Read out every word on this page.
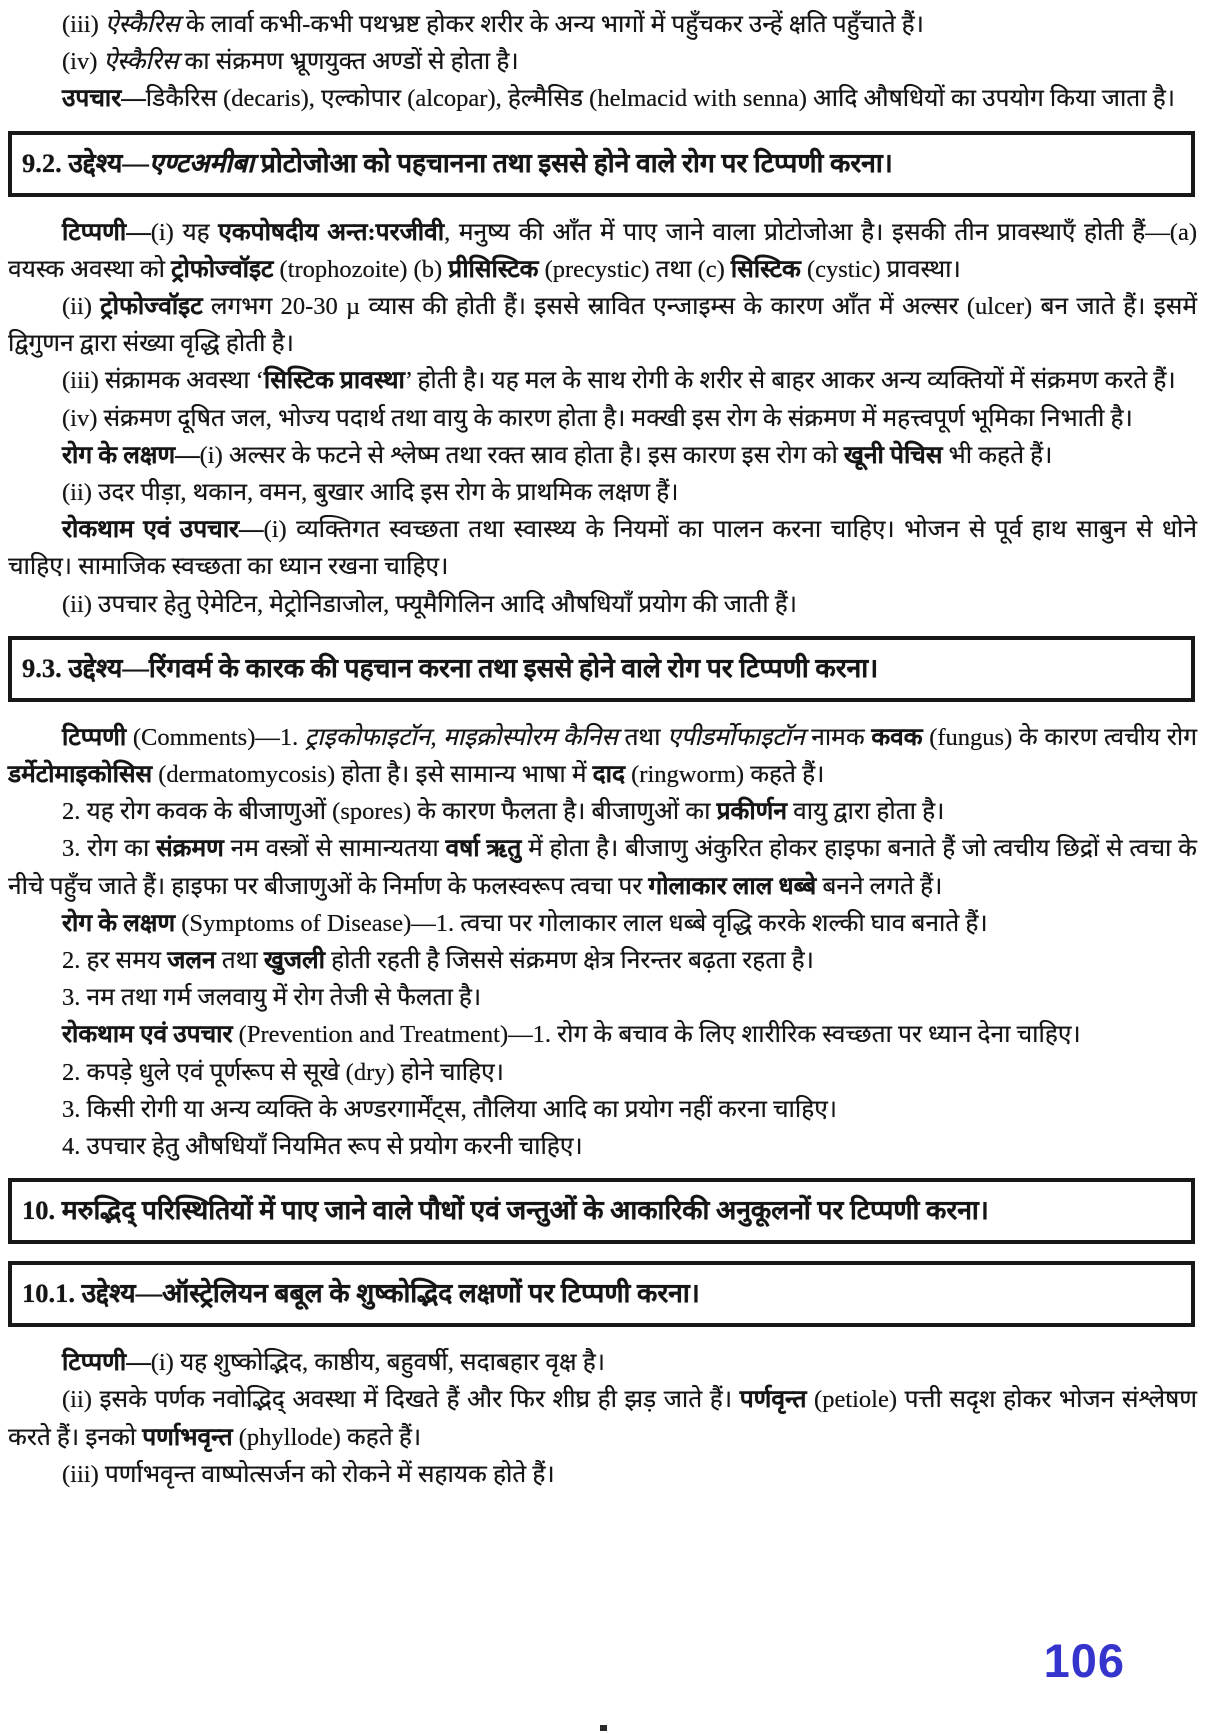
(iii) ऐस्कैरिस के लार्वा कभी-कभी पथभ्रष्ट होकर शरीर के अन्य भागों में पहुँचकर उन्हें क्षति पहुँचाते हैं।

(iv) ऐस्कैरिस का संक्रमण भ्रूणयुक्त अण्डों से होता है।

उपचार—डिकैरिस (decaris), एल्कोपार (alcopar), हेल्मैसिड (helmacid with senna) आदि औषधियों का उपयोग किया जाता है।

9.2. उद्देश्य—एण्टअमीबा प्रोटोजोआ को पहचानना तथा इससे होने वाले रोग पर टिप्पणी करना।

टिप्पणी—(i) यह एकपोषदीय अन्त:परजीवी, मनुष्य की आँत में पाए जाने वाला प्रोटोजोआ है। इसकी तीन प्रावस्थाएँ होती हैं—(a) वयस्क अवस्था को ट्रोफोज्वॉइट (trophozoite) (b) प्रीसिस्टिक (precystic) तथा (c) सिस्टिक (cystic) प्रावस्था।

(ii) ट्रोफोज्वॉइट लगभग 20-30 µ व्यास की होती हैं। इससे स्रावित एन्जाइम्स के कारण आँत में अल्सर (ulcer) बन जाते हैं। इसमें द्विगुणन द्वारा संख्या वृद्धि होती है।

(iii) संक्रामक अवस्था ‘सिस्टिक प्रावस्था’ होती है। यह मल के साथ रोगी के शरीर से बाहर आकर अन्य व्यक्तियों में संक्रमण करते हैं।

(iv) संक्रमण दूषित जल, भोज्य पदार्थ तथा वायु के कारण होता है। मक्खी इस रोग के संक्रमण में महत्त्वपूर्ण भूमिका निभाती है।

रोग के लक्षण—(i) अल्सर के फटने से श्लेष्म तथा रक्त स्राव होता है। इस कारण इस रोग को खूनी पेचिस भी कहते हैं।

(ii) उदर पीड़ा, थकान, वमन, बुखार आदि इस रोग के प्राथमिक लक्षण हैं।

रोकथाम एवं उपचार—(i) व्यक्तिगत स्वच्छता तथा स्वास्थ्य के नियमों का पालन करना चाहिए। भोजन से पूर्व हाथ साबुन से धोने चाहिए। सामाजिक स्वच्छता का ध्यान रखना चाहिए।

(ii) उपचार हेतु ऐमेटिन, मेट्रोनिडाजोल, फ्यूमैगिलिन आदि औषधियाँ प्रयोग की जाती हैं।

9.3. उद्देश्य—रिंगवर्म के कारक की पहचान करना तथा इससे होने वाले रोग पर टिप्पणी करना।

टिप्पणी (Comments)—1. ट्राइकोफाइटॉन, माइक्रोस्पोरम कैनिस तथा एपीडर्मोफाइटॉन नामक कवक (fungus) के कारण त्वचीय रोग डर्मेटोमाइकोसिस (dermatomycosis) होता है। इसे सामान्य भाषा में दाद (ringworm) कहते हैं।

2. यह रोग कवक के बीजाणुओं (spores) के कारण फैलता है। बीजाणुओं का प्रकीर्णन वायु द्वारा होता है।

3. रोग का संक्रमण नम वस्त्रों से सामान्यतया वर्षा ऋतु में होता है। बीजाणु अंकुरित होकर हाइफा बनाते हैं जो त्वचीय छिद्रों से त्वचा के नीचे पहुँच जाते हैं। हाइफा पर बीजाणुओं के निर्माण के फलस्वरूप त्वचा पर गोलाकार लाल धब्बे बनने लगते हैं।

रोग के लक्षण (Symptoms of Disease)—1. त्वचा पर गोलाकार लाल धब्बे वृद्धि करके शल्की घाव बनाते हैं।

2. हर समय जलन तथा खुजली होती रहती है जिससे संक्रमण क्षेत्र निरन्तर बढ़ता रहता है।

3. नम तथा गर्म जलवायु में रोग तेजी से फैलता है।

रोकथाम एवं उपचार (Prevention and Treatment)—1. रोग के बचाव के लिए शारीरिक स्वच्छता पर ध्यान देना चाहिए।

2. कपड़े धुले एवं पूर्णरूप से सूखे (dry) होने चाहिए।

3. किसी रोगी या अन्य व्यक्ति के अण्डरगार्मेंट्स, तौलिया आदि का प्रयोग नहीं करना चाहिए।

4. उपचार हेतु औषधियाँ नियमित रूप से प्रयोग करनी चाहिए।

10. मरुद्भिद् परिस्थितियों में पाए जाने वाले पौधों एवं जन्तुओं के आकारिकी अनुकूलनों पर टिप्पणी करना।

10.1. उद्देश्य—ऑस्ट्रेलियन बबूल के शुष्कोद्भिद लक्षणों पर टिप्पणी करना।

टिप्पणी—(i) यह शुष्कोद्भिद, काष्ठीय, बहुवर्षी, सदाबहार वृक्ष है।

(ii) इसके पर्णक नवोद्भिद् अवस्था में दिखते हैं और फिर शीघ्र ही झड़ जाते हैं। पर्णवृन्त (petiole) पत्ती सदृश होकर भोजन संश्लेषण करते हैं। इनको पर्णाभवृन्त (phyllode) कहते हैं।

(iii) पर्णाभवृन्त वाष्पोत्सर्जन को रोकने में सहायक होते हैं।

106
